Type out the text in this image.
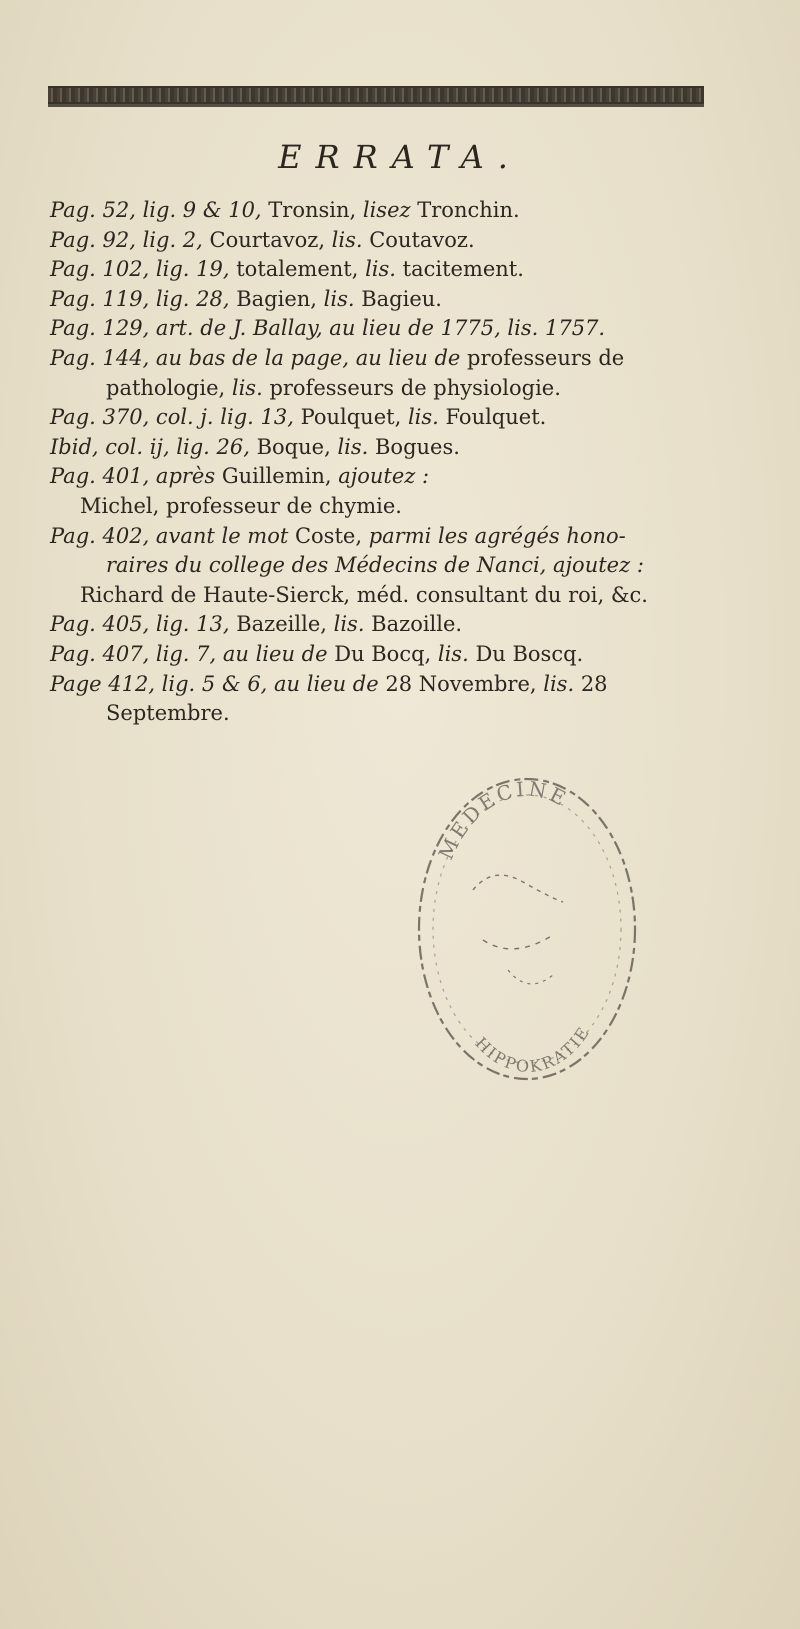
ERRATA.

Pag. 52, lig. 9 & 10, Tronsin, lisez Tronchin.

Pag. 92, lig. 2, Courtavoz, lis. Coutavoz.

Pag. 102, lig. 19, totalement, lis. tacitement.

Pag. 119, lig. 28, Bagien, lis. Bagieu.

Pag. 129, art. de J. Ballay, au lieu de 1775, lis. 1757.

Pag. 144, au bas de la page, au lieu de professeurs de

pathologie, lis. professeurs de physiologie.

Pag. 370, col. j. lig. 13, Poulquet, lis. Foulquet.

Ibid, col. ij, lig. 26, Boque, lis. Bogues.

Pag. 401, après Guillemin, ajoutez :

Michel, professeur de chymie.

Pag. 402, avant le mot Coste, parmi les agrégés hono-

raires du college des Médecins de Nanci, ajoutez :

Richard de Haute-Sierck, méd. consultant du roi, &c.

Pag. 405, lig. 13, Bazeille, lis. Bazoille.

Pag. 407, lig. 7, au lieu de Du Bocq, lis. Du Boscq.

Page 412, lig. 5 & 6, au lieu de 28 Novembre, lis. 28

Septembre.

MEDECINE
HIPPOKRATIE
